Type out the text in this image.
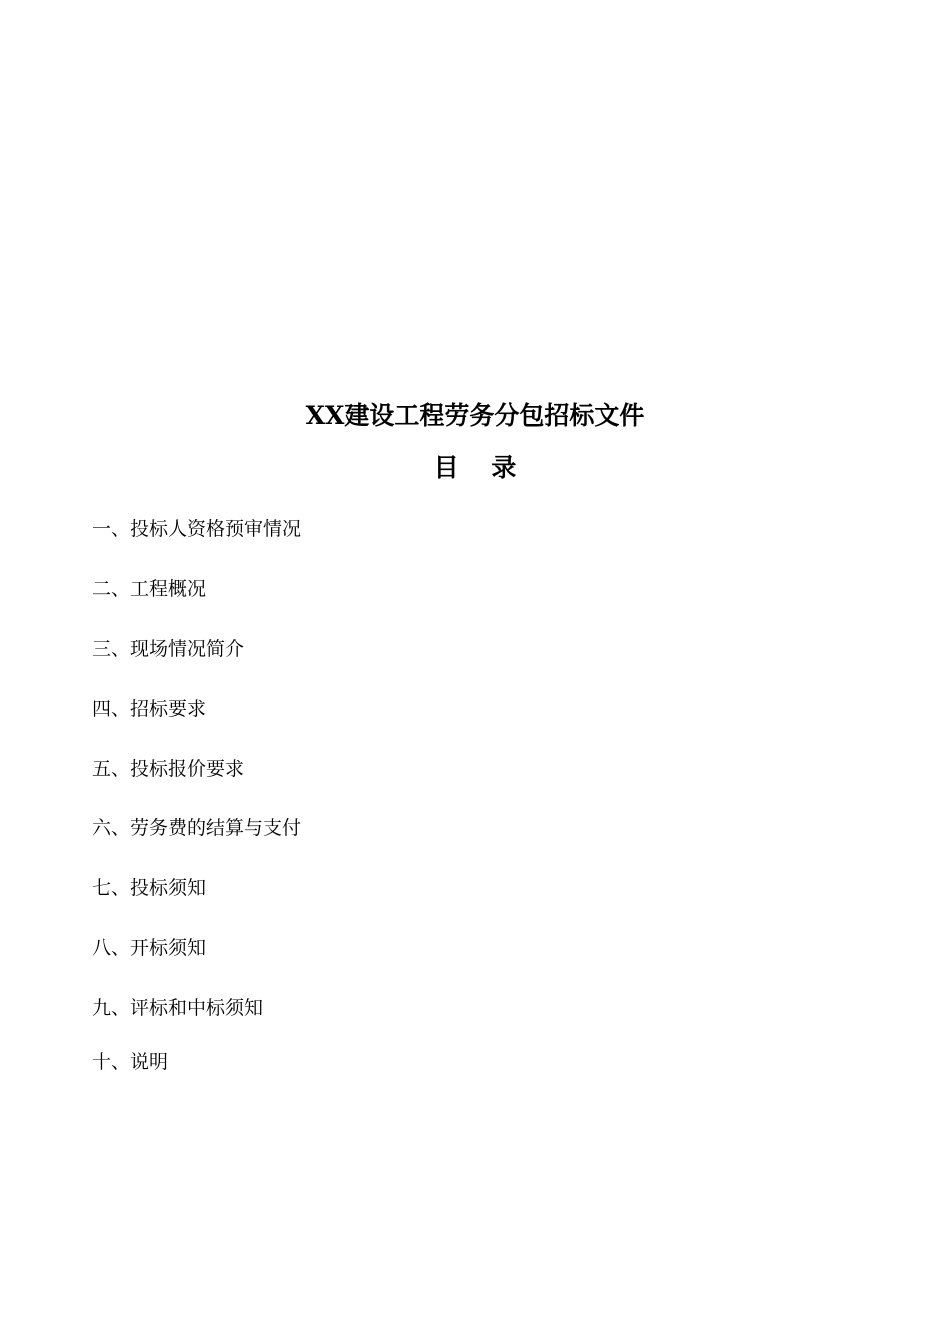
XX建设工程劳务分包招标文件
目 录
一、投标人资格预审情况
二、工程概况
三、现场情况简介
四、招标要求
五、投标报价要求
六、劳务费的结算与支付
七、投标须知
八、开标须知
九、评标和中标须知
十、说明
